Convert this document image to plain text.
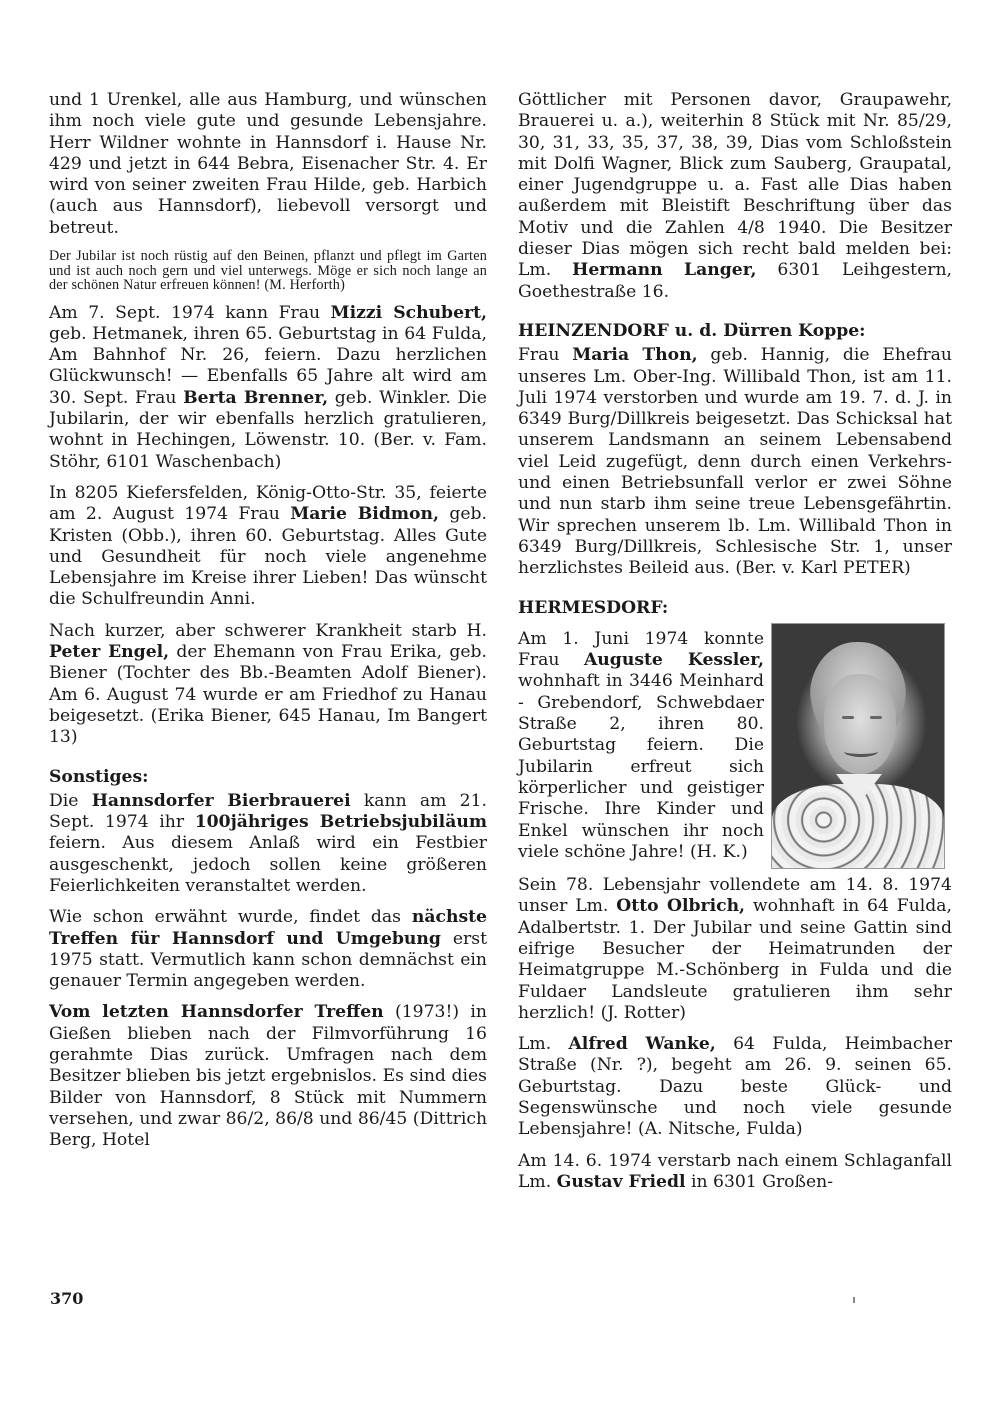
und 1 Urenkel, alle aus Hamburg, und wünschen ihm noch viele gute und gesunde Lebensjahre. Herr Wildner wohnte in Hannsdorf i. Hause Nr. 429 und jetzt in 644 Bebra, Eisenacher Str. 4. Er wird von seiner zweiten Frau Hilde, geb. Harbich (auch aus Hannsdorf), liebevoll versorgt und betreut.

Der Jubilar ist noch rüstig auf den Beinen, pflanzt und pflegt im Garten und ist auch noch gern und viel unterwegs. Möge er sich noch lange an der schönen Natur erfreuen können! (M. Herforth)

Am 7. Sept. 1974 kann Frau Mizzi Schubert, geb. Hetmanek, ihren 65. Geburtstag in 64 Fulda, Am Bahnhof Nr. 26, feiern. Dazu herzlichen Glückwunsch! — Ebenfalls 65 Jahre alt wird am 30. Sept. Frau Berta Brenner, geb. Winkler. Die Jubilarin, der wir ebenfalls herzlich gratulieren, wohnt in Hechingen, Löwenstr. 10. (Ber. v. Fam. Stöhr, 6101 Waschenbach)

In 8205 Kiefersfelden, König-Otto-Str. 35, feierte am 2. August 1974 Frau Marie Bidmon, geb. Kristen (Obb.), ihren 60. Geburtstag. Alles Gute und Gesundheit für noch viele angenehme Lebensjahre im Kreise ihrer Lieben! Das wünscht die Schulfreundin Anni.

Nach kurzer, aber schwerer Krankheit starb H. Peter Engel, der Ehemann von Frau Erika, geb. Biener (Tochter des Bb.-Beamten Adolf Biener). Am 6. August 74 wurde er am Friedhof zu Hanau beigesetzt. (Erika Biener, 645 Hanau, Im Bangert 13)

Sonstiges:

Die Hannsdorfer Bierbrauerei kann am 21. Sept. 1974 ihr 100jähriges Betriebsjubiläum feiern. Aus diesem Anlaß wird ein Festbier ausgeschenkt, jedoch sollen keine größeren Feierlichkeiten veranstaltet werden.

Wie schon erwähnt wurde, findet das nächste Treffen für Hannsdorf und Umgebung erst 1975 statt. Vermutlich kann schon demnächst ein genauer Termin angegeben werden.

Vom letzten Hannsdorfer Treffen (1973!) in Gießen blieben nach der Filmvorführung 16 gerahmte Dias zurück. Umfragen nach dem Besitzer blieben bis jetzt ergebnislos. Es sind dies Bilder von Hannsdorf, 8 Stück mit Nummern versehen, und zwar 86/2, 86/8 und 86/45 (Dittrich Berg, Hotel

Göttlicher mit Personen davor, Graupawehr, Brauerei u. a.), weiterhin 8 Stück mit Nr. 85/29, 30, 31, 33, 35, 37, 38, 39, Dias vom Schloßstein mit Dolfi Wagner, Blick zum Sauberg, Graupatal, einer Jugendgruppe u. a. Fast alle Dias haben außerdem mit Bleistift Beschriftung über das Motiv und die Zahlen 4/8 1940. Die Besitzer dieser Dias mögen sich recht bald melden bei: Lm. Hermann Langer, 6301 Leihgestern, Goethestraße 16.

HEINZENDORF u. d. Dürren Koppe:

Frau Maria Thon, geb. Hannig, die Ehefrau unseres Lm. Ober-Ing. Willibald Thon, ist am 11. Juli 1974 verstorben und wurde am 19. 7. d. J. in 6349 Burg/Dillkreis beigesetzt. Das Schicksal hat unserem Landsmann an seinem Lebensabend viel Leid zugefügt, denn durch einen Verkehrs- und einen Betriebsunfall verlor er zwei Söhne und nun starb ihm seine treue Lebensgefährtin. Wir sprechen unserem lb. Lm. Willibald Thon in 6349 Burg/Dillkreis, Schlesische Str. 1, unser herzlichstes Beileid aus. (Ber. v. Karl PETER)

HERMESDORF:

Am 1. Juni 1974 konnte Frau Auguste Kessler, wohnhaft in 3446 Meinhard - Grebendorf, Schwebdaer Straße 2, ihren 80. Geburtstag feiern. Die Jubilarin erfreut sich körperlicher und geistiger Frische. Ihre Kinder und Enkel wünschen ihr noch viele schöne Jahre! (H. K.)

Sein 78. Lebensjahr vollendete am 14. 8. 1974 unser Lm. Otto Olbrich, wohnhaft in 64 Fulda, Adalbertstr. 1. Der Jubilar und seine Gattin sind eifrige Besucher der Heimatrunden der Heimatgruppe M.-Schönberg in Fulda und die Fuldaer Landsleute gratulieren ihm sehr herzlich! (J. Rotter)

Lm. Alfred Wanke, 64 Fulda, Heimbacher Straße (Nr. ?), begeht am 26. 9. seinen 65. Geburtstag. Dazu beste Glück- und Segenswünsche und noch viele gesunde Lebensjahre! (A. Nitsche, Fulda)

Am 14. 6. 1974 verstarb nach einem Schlaganfall Lm. Gustav Friedl in 6301 Großen-

370
